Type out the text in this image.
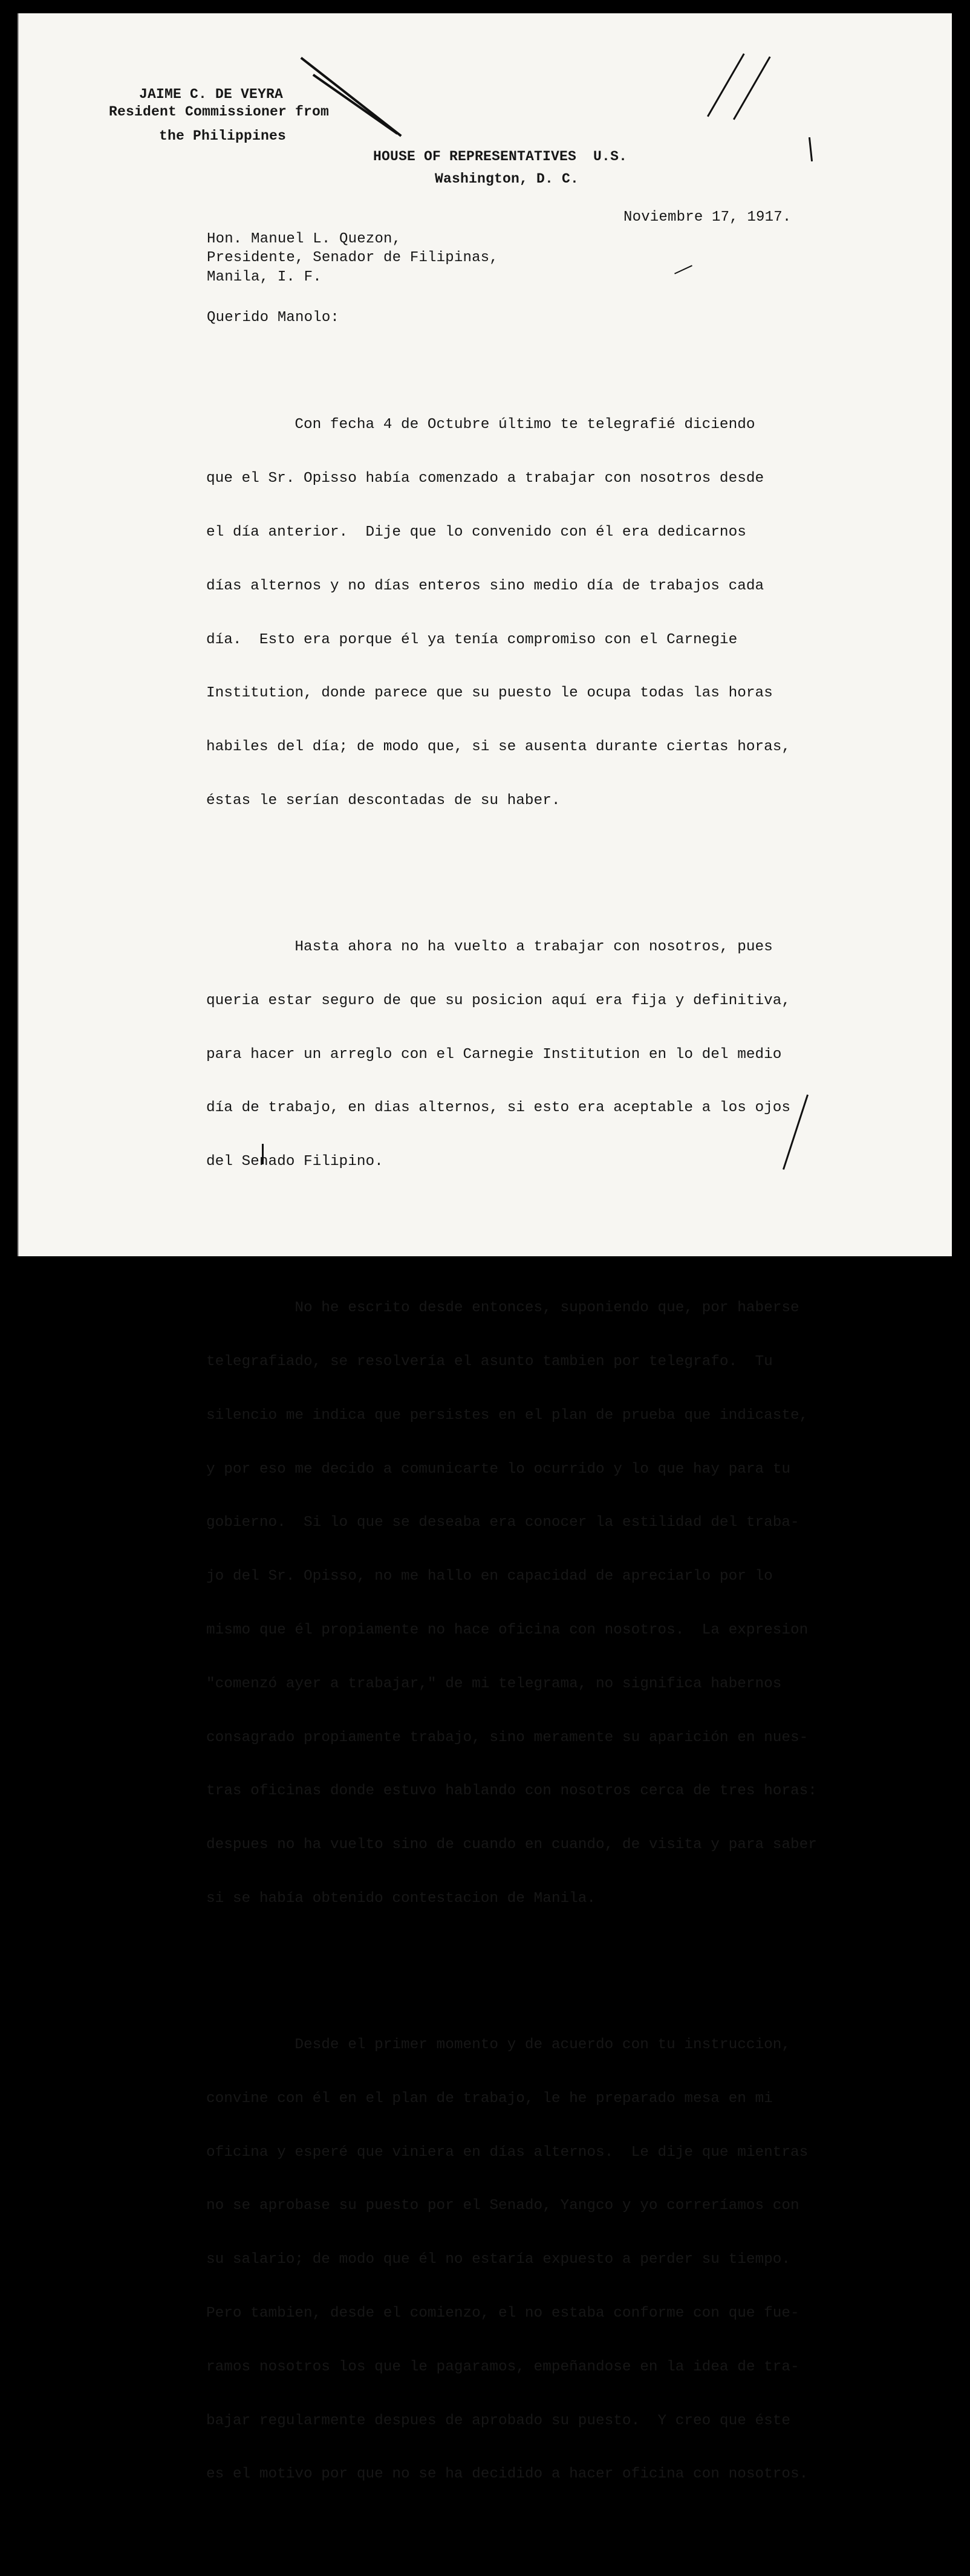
JAIME C. DE VEYRA

Resident Commissioner from

the Philippines

HOUSE OF REPRESENTATIVES  U.S.

Washington, D. C.

Noviembre 17, 1917.

Hon. Manuel L. Quezon,

Presidente, Senador de Filipinas,

Manila, I. F.

Querido Manolo:

Con fecha 4 de Octubre último te telegrafié diciendo

que el Sr. Opisso había comenzado a trabajar con nosotros desde

el día anterior.  Dije que lo convenido con él era dedicarnos

días alternos y no días enteros sino medio día de trabajos cada

día.  Esto era porque él ya tenía compromiso con el Carnegie

Institution, donde parece que su puesto le ocupa todas las horas

habiles del día; de modo que, si se ausenta durante ciertas horas,

éstas le serían descontadas de su haber.

Hasta ahora no ha vuelto a trabajar con nosotros, pues

queria estar seguro de que su posicion aquí era fija y definitiva,

para hacer un arreglo con el Carnegie Institution en lo del medio

día de trabajo, en dias alternos, si esto era aceptable a los ojos

del Senado Filipino.

No he escrito desde entonces, suponiendo que, por haberse

telegrafiado, se resolvería el asunto tambien por telegrafo.  Tu

silencio me indica que persistes en el plan de prueba que indicaste,

y por eso me decido a comunicarte lo ocurrido y lo que hay para tu

gobierno.  Si lo que se deseaba era conocer la estilidad del traba-

jo del Sr. Opisso, no me hallo en capacidad de apreciarlo por lo

mismo que él propiamente no hace oficina con nosotros.  La expresion

"comenzó ayer a trabajar," de mi telegrama, no significa habernos

consagrado propiamente trabajo, sino meramente su aparición en nues-

tras oficinas donde estuvo hablando con nosotros cerca de tres horas:

despues no ha vuelto sino de cuando en cuando, de visita y para saber

si se había obtenido contestacion de Manila.

Desde el primer momento y de acuerdo con tu instruccion,

convine con él en el plan de trabajo, le he preparado mesa en mi

oficina y esperé que viniera en días alternos.  Le dije que mientras

no se aprobase su puesto por el Senado, Yangco y yo correríamos con

su salario; de modo que él no estaría expuesto a perder su tiempo.

Pero tambien, desde el comienzo, el no estaba conforme con que fue-

ramos nosotros los que le pagaramos, empeñandose en la idea de tra-

bajar regularmente despues de aprobado su puesto.  Y creo que éste

es el motivo por que no se ha decidido a hacer oficina con nosotros.
